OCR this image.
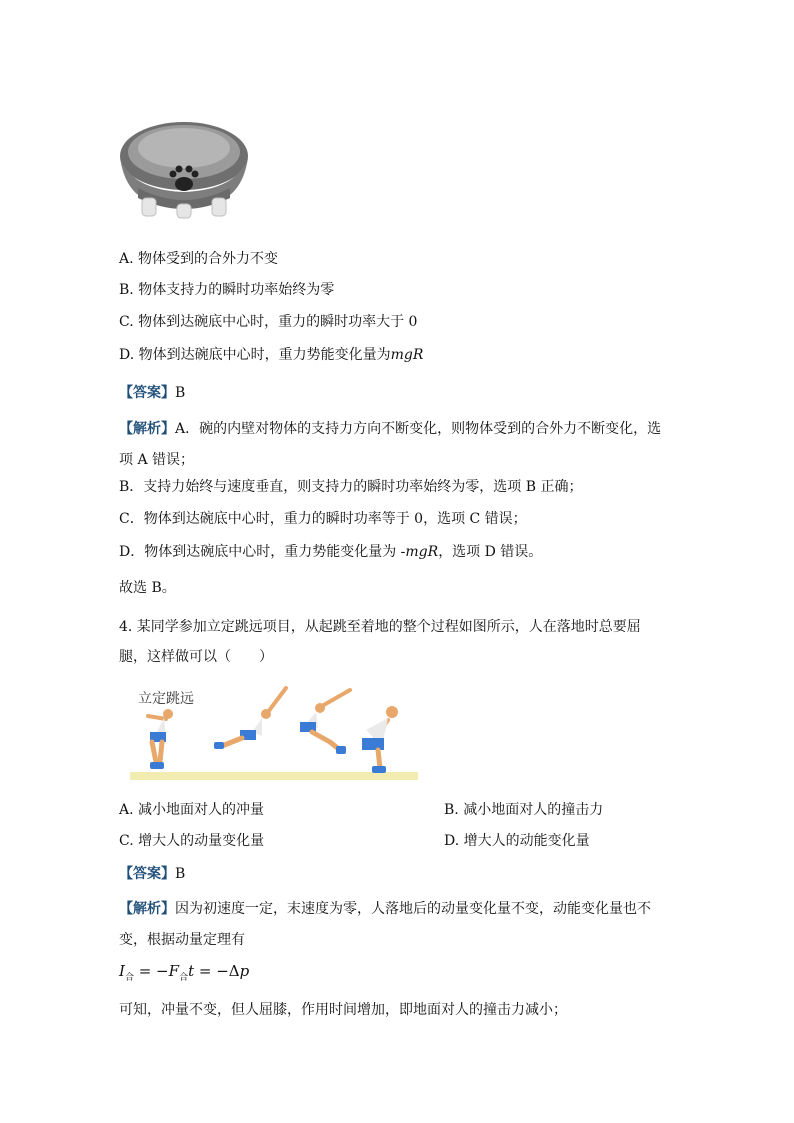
A. 物体受到的合外力不变
B. 物体支持力的瞬时功率始终为零
C. 物体到达碗底中心时，重力的瞬时功率大于 0
D. 物体到达碗底中心时，重力势能变化量为mgR
【答案】B
【解析】A．碗的内壁对物体的支持力方向不断变化，则物体受到的合外力不断变化，选项 A 错误；
B．支持力始终与速度垂直，则支持力的瞬时功率始终为零，选项 B 正确；
C．物体到达碗底中心时，重力的瞬时功率等于 0，选项 C 错误；
D．物体到达碗底中心时，重力势能变化量为 -mgR，选项 D 错误。
故选 B。
4. 某同学参加立定跳远项目，从起跳至着地的整个过程如图所示，人在落地时总要屈腿，这样做可以（　　）
立定跳远
A. 减小地面对人的冲量	B. 减小地面对人的撞击力
C. 增大人的动量变化量	D. 增大人的动能变化量
【答案】B
【解析】因为初速度一定，末速度为零，人落地后的动量变化量不变，动能变化量也不变，根据动量定理有
$I_合 = -F_合t = -\Delta p$
可知，冲量不变，但人屈膝，作用时间增加，即地面对人的撞击力减小；
